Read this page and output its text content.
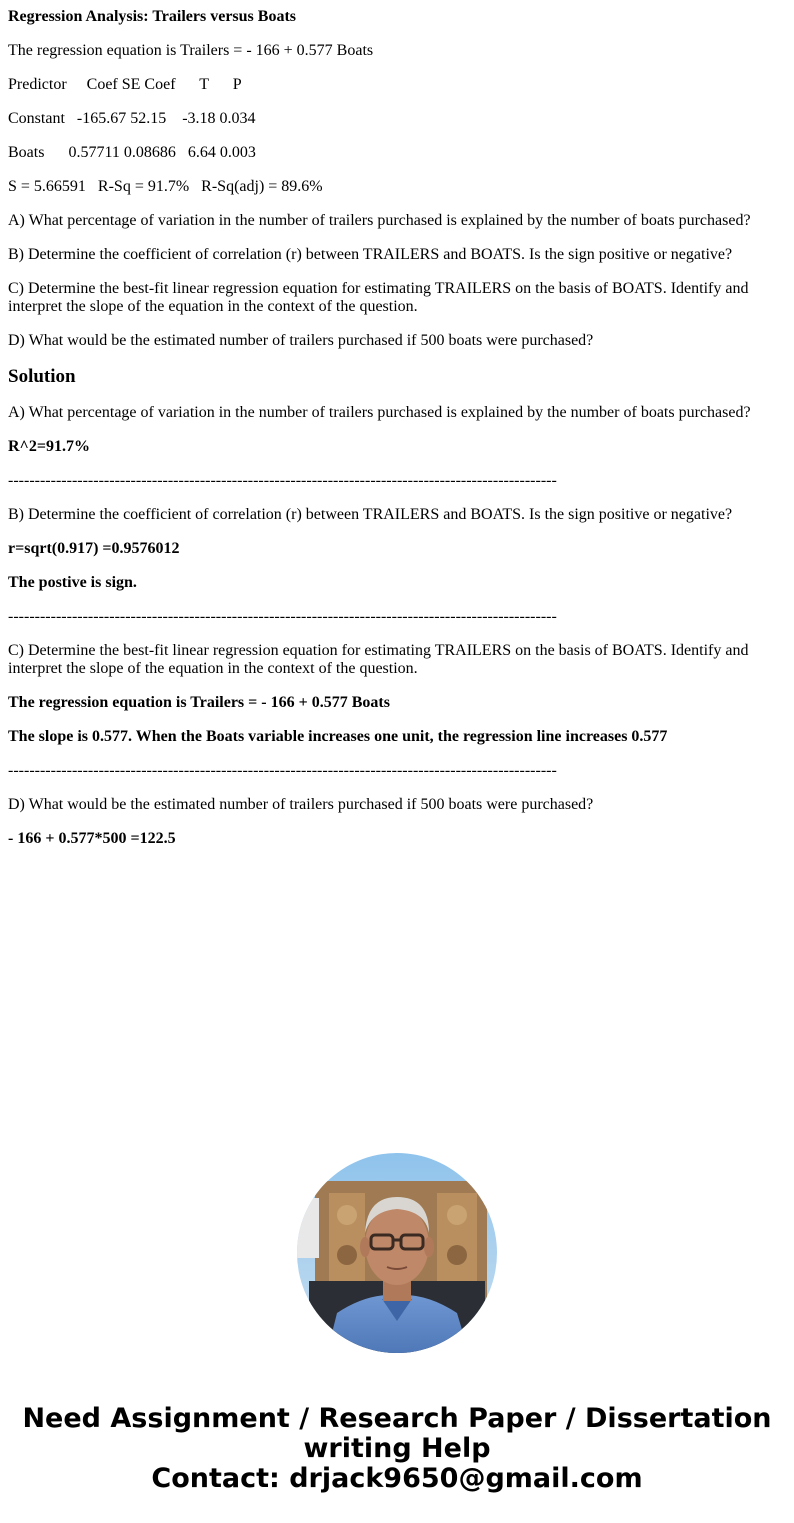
Regression Analysis: Trailers versus Boats

The regression equation is Trailers = - 166 + 0.577 Boats

Predictor     Coef SE Coef      T      P

Constant   -165.67 52.15    -3.18 0.034

Boats      0.57711 0.08686   6.64 0.003

S = 5.66591   R-Sq = 91.7%   R-Sq(adj) = 89.6%

A) What percentage of variation in the number of trailers purchased is explained by the number of boats purchased?

B) Determine the coefficient of correlation (r) between TRAILERS and BOATS. Is the sign positive or negative?

C) Determine the best-fit linear regression equation for estimating TRAILERS on the basis of BOATS. Identify and interpret the slope of the equation in the context of the question.

D) What would be the estimated number of trailers purchased if 500 boats were purchased?

Solution

A) What percentage of variation in the number of trailers purchased is explained by the number of boats purchased?

R^2=91.7%

-------------------------------------------------------------------------------------------------------

B) Determine the coefficient of correlation (r) between TRAILERS and BOATS. Is the sign positive or negative?

r=sqrt(0.917) =0.9576012

The postive is sign.

-------------------------------------------------------------------------------------------------------

C) Determine the best-fit linear regression equation for estimating TRAILERS on the basis of BOATS. Identify and interpret the slope of the equation in the context of the question.

The regression equation is Trailers = - 166 + 0.577 Boats

The slope is 0.577. When the Boats variable increases one unit, the regression line increases 0.577

-------------------------------------------------------------------------------------------------------

D) What would be the estimated number of trailers purchased if 500 boats were purchased?

- 166 + 0.577*500 =122.5

Need Assignment / Research Paper / Dissertation
writing Help
Contact: drjack9650@gmail.com
